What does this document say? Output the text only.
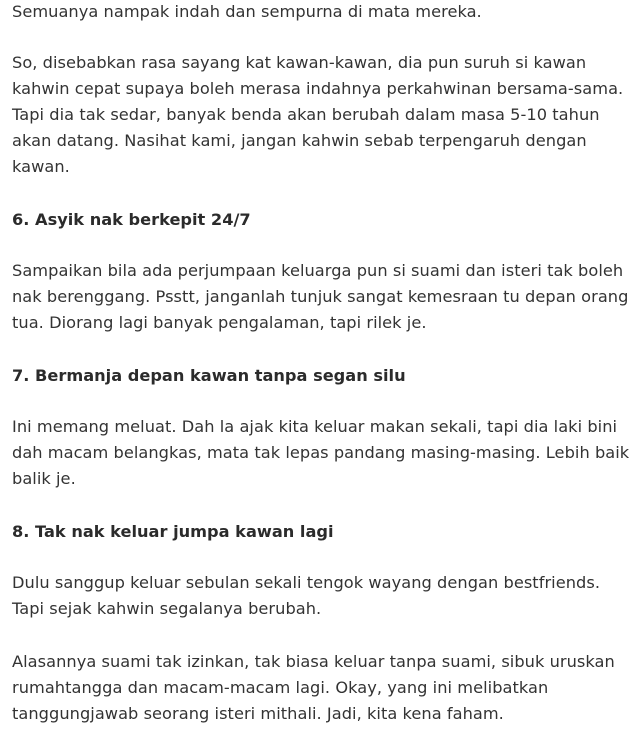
Semuanya nampak indah dan sempurna di mata mereka.

So, disebabkan rasa sayang kat kawan-kawan, dia pun suruh si kawan kahwin cepat supaya boleh merasa indahnya perkahwinan bersama-sama. Tapi dia tak sedar, banyak benda akan berubah dalam masa 5-10 tahun akan datang. Nasihat kami, jangan kahwin sebab terpengaruh dengan kawan.

6. Asyik nak berkepit 24/7

Sampaikan bila ada perjumpaan keluarga pun si suami dan isteri tak boleh nak berenggang. Psstt, janganlah tunjuk sangat kemesraan tu depan orang tua. Diorang lagi banyak pengalaman, tapi rilek je.

7. Bermanja depan kawan tanpa segan silu

Ini memang meluat. Dah la ajak kita keluar makan sekali, tapi dia laki bini dah macam belangkas, mata tak lepas pandang masing-masing. Lebih baik balik je.

8. Tak nak keluar jumpa kawan lagi

Dulu sanggup keluar sebulan sekali tengok wayang dengan bestfriends. Tapi sejak kahwin segalanya berubah.

Alasannya suami tak izinkan, tak biasa keluar tanpa suami, sibuk uruskan rumahtangga dan macam-macam lagi. Okay, yang ini melibatkan tanggungjawab seorang isteri mithali. Jadi, kita kena faham.
